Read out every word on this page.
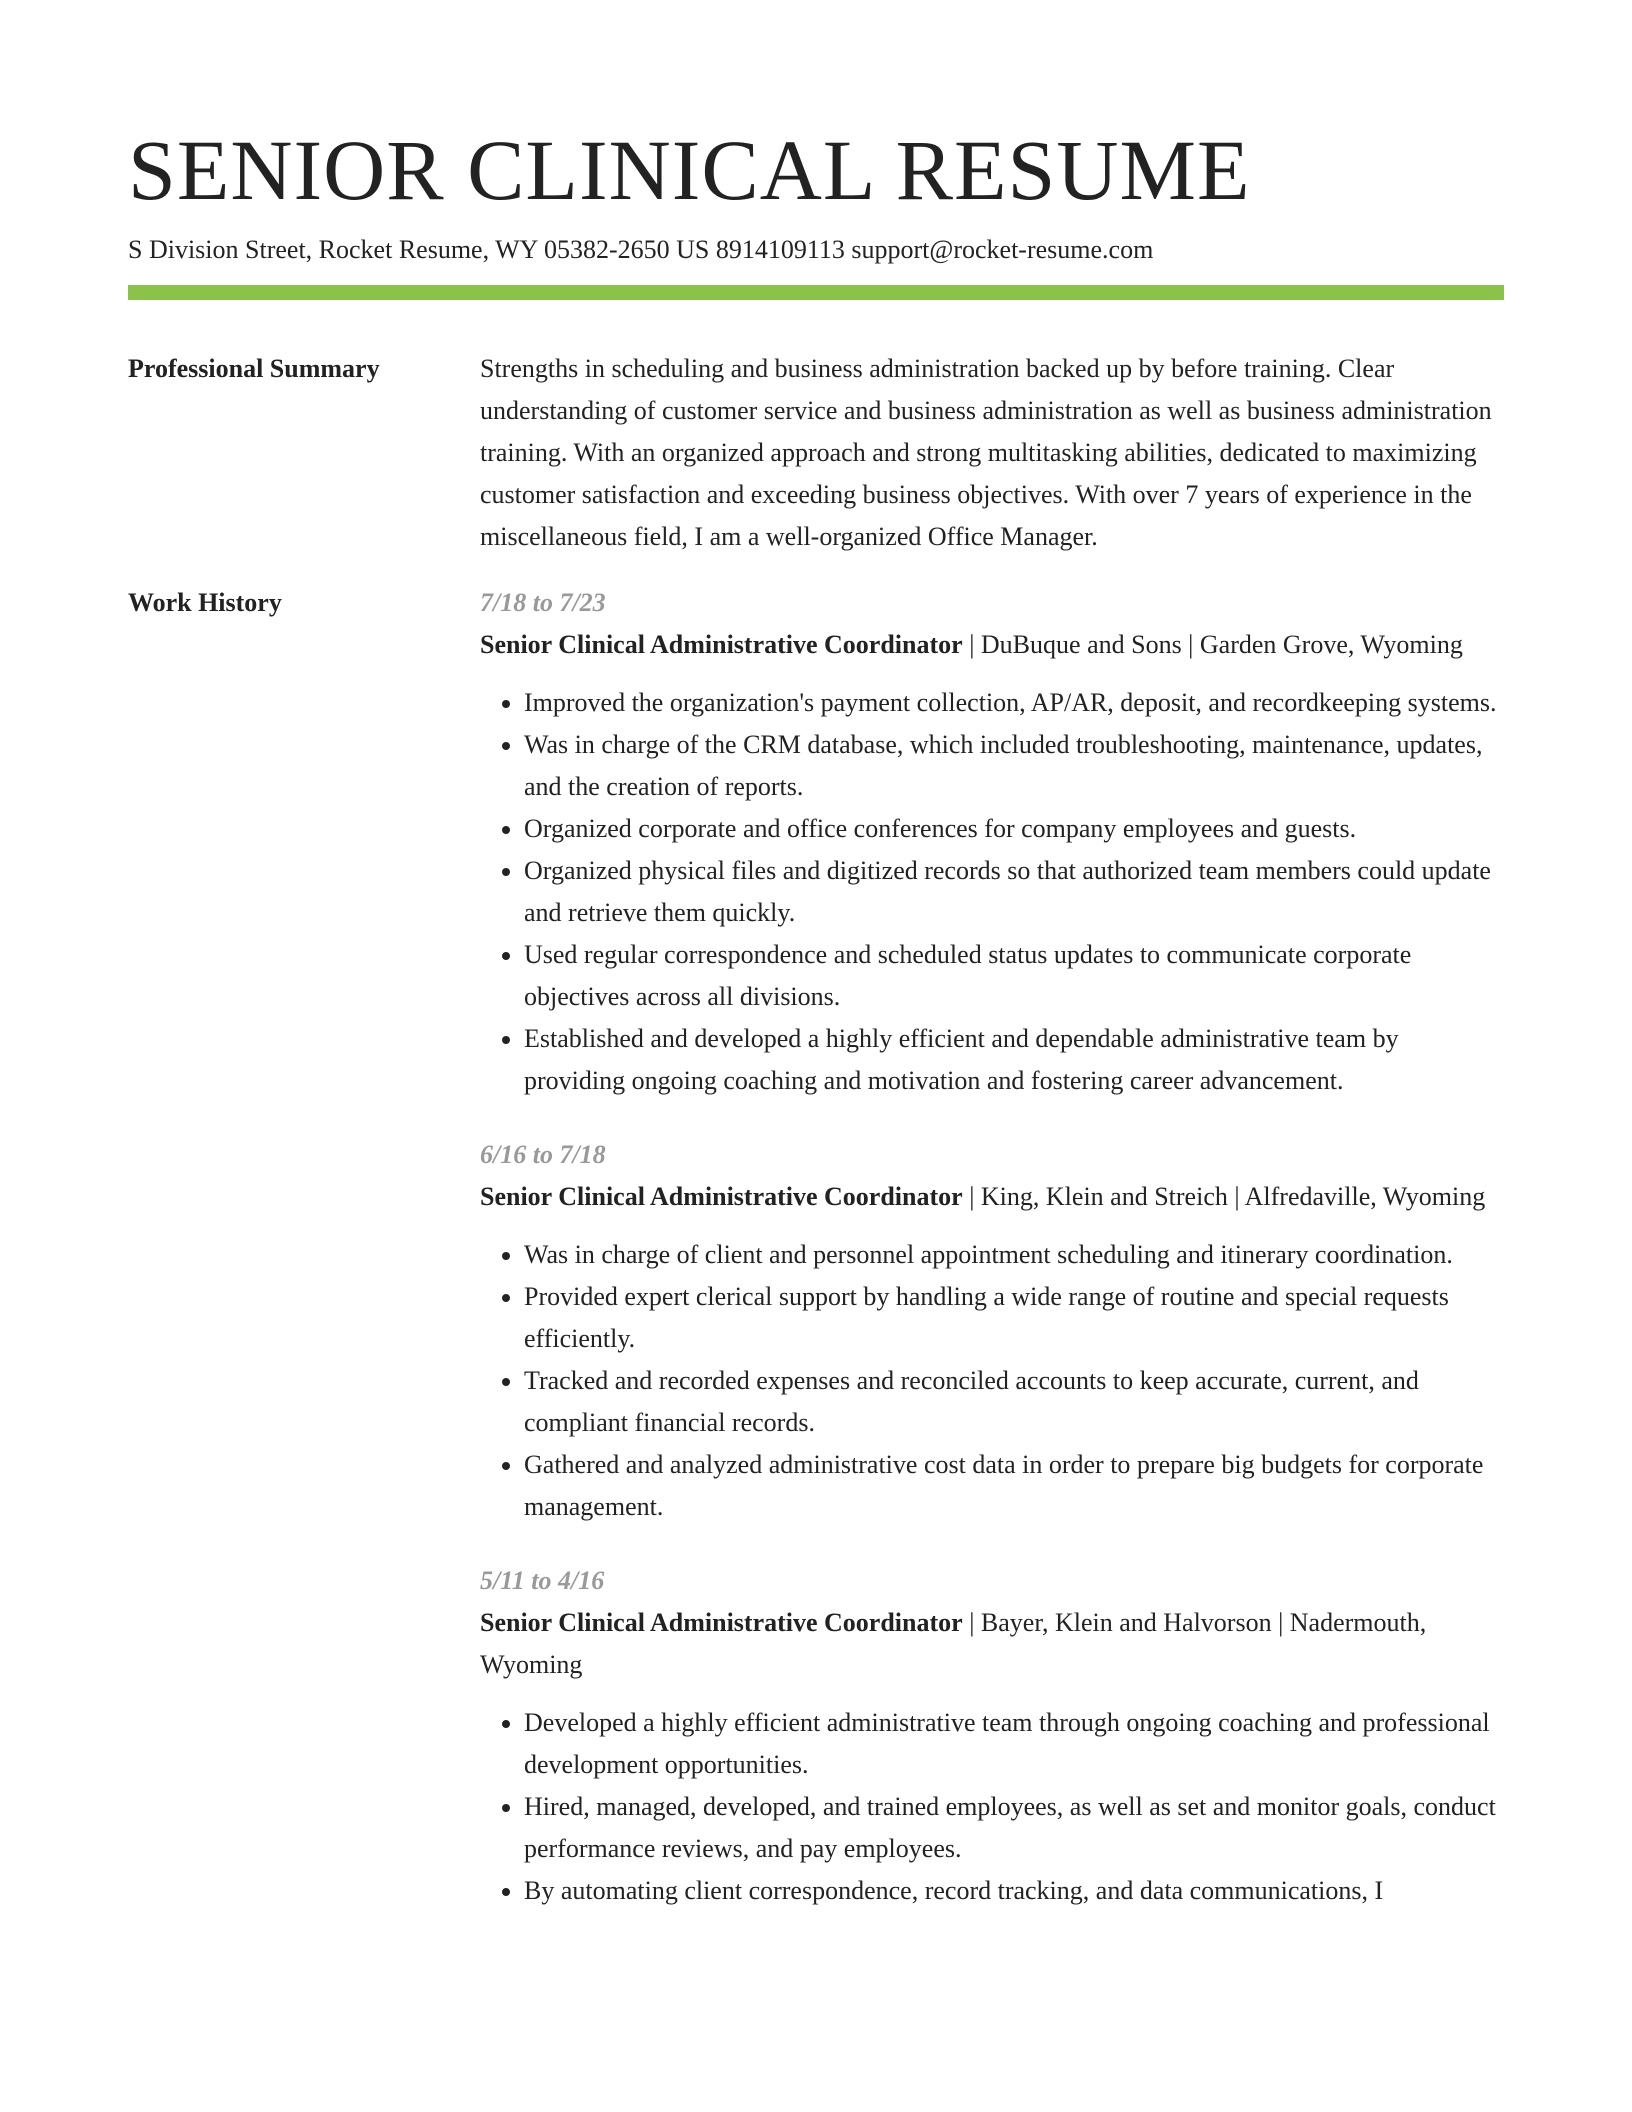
SENIOR CLINICAL RESUME
S Division Street, Rocket Resume, WY 05382-2650 US 8914109113 support@rocket-resume.com
Professional Summary	Strengths in scheduling and business administration backed up by before training. Clear understanding of customer service and business administration as well as business administration training. With an organized approach and strong multitasking abilities, dedicated to maximizing customer satisfaction and exceeding business objectives. With over 7 years of experience in the miscellaneous field, I am a well-organized Office Manager.

Work History	7/18 to 7/23
Senior Clinical Administrative Coordinator | DuBuque and Sons | Garden Grove, Wyoming
• Improved the organization's payment collection, AP/AR, deposit, and recordkeeping systems.
• Was in charge of the CRM database, which included troubleshooting, maintenance, updates, and the creation of reports.
• Organized corporate and office conferences for company employees and guests.
• Organized physical files and digitized records so that authorized team members could update and retrieve them quickly.
• Used regular correspondence and scheduled status updates to communicate corporate objectives across all divisions.
• Established and developed a highly efficient and dependable administrative team by providing ongoing coaching and motivation and fostering career advancement.
6/16 to 7/18
Senior Clinical Administrative Coordinator | King, Klein and Streich | Alfredaville, Wyoming
• Was in charge of client and personnel appointment scheduling and itinerary coordination.
• Provided expert clerical support by handling a wide range of routine and special requests efficiently.
• Tracked and recorded expenses and reconciled accounts to keep accurate, current, and compliant financial records.
• Gathered and analyzed administrative cost data in order to prepare big budgets for corporate management.
5/11 to 4/16
Senior Clinical Administrative Coordinator | Bayer, Klein and Halvorson | Nadermouth, Wyoming
• Developed a highly efficient administrative team through ongoing coaching and professional development opportunities.
• Hired, managed, developed, and trained employees, as well as set and monitor goals, conduct performance reviews, and pay employees.
• By automating client correspondence, record tracking, and data communications, I
